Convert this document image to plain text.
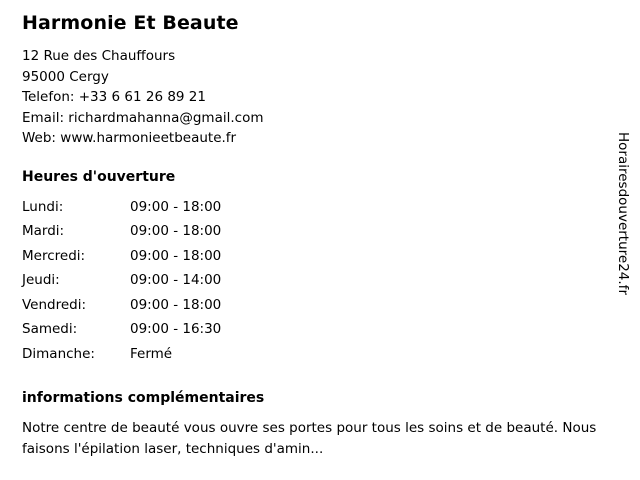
Harmonie Et Beaute
12 Rue des Chauffours
95000 Cergy
Telefon: +33 6 61 26 89 21
Email: richardmahanna@gmail.com
Web: www.harmonieetbeaute.fr
Heures d'ouverture
Lundi:	09:00 - 18:00
Mardi:	09:00 - 18:00
Mercredi:	09:00 - 18:00
Jeudi:	09:00 - 14:00
Vendredi:	09:00 - 18:00
Samedi:	09:00 - 16:30
Dimanche:	Fermé
informations complémentaires
Notre centre de beauté vous ouvre ses portes pour tous les soins et de beauté. Nous faisons l'épilation laser, techniques d'amin...
Horairesdouverture24.fr
